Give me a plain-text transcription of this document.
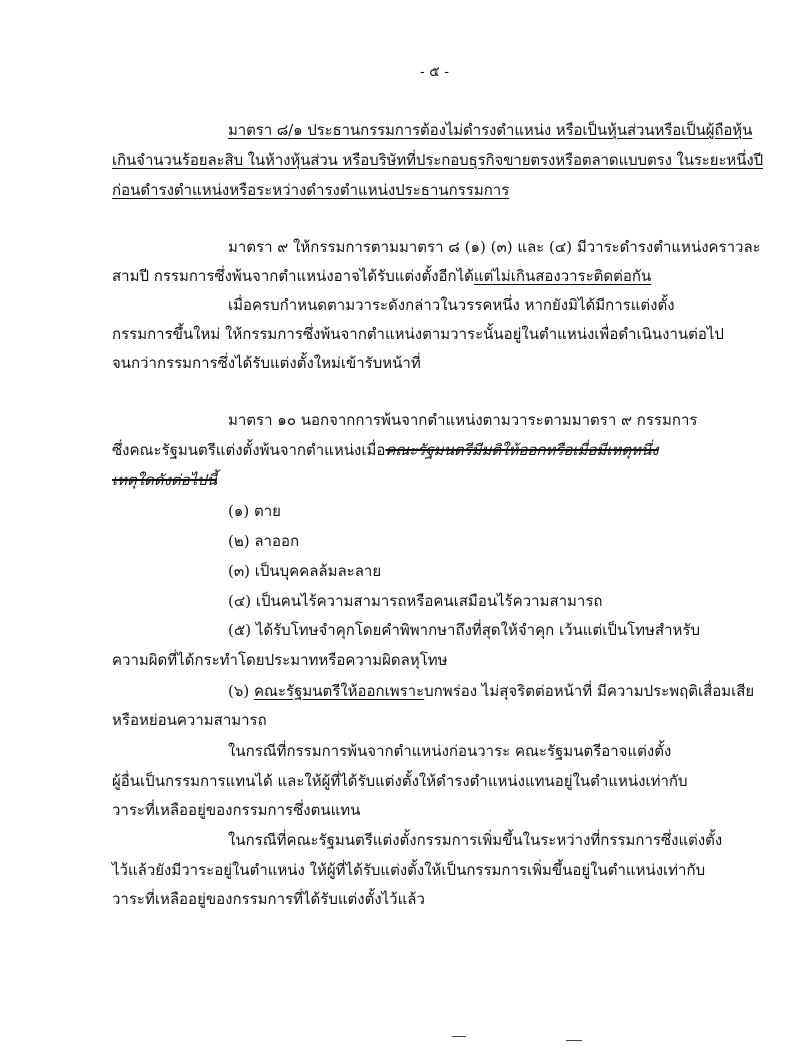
- ๕ -
มาตรา ๘/๑ ประธานกรรมการต้องไม่ดำรงตำแหน่ง หรือเป็นหุ้นส่วนหรือเป็นผู้ถือหุ้น
เกินจำนวนร้อยละสิบ ในห้างหุ้นส่วน หรือบริษัทที่ประกอบธุรกิจขายตรงหรือตลาดแบบตรง ในระยะหนึ่งปี
ก่อนดำรงตำแหน่งหรือระหว่างดำรงตำแหน่งประธานกรรมการ
มาตรา ๙ ให้กรรมการตามมาตรา ๘ (๑) (๓) และ (๔) มีวาระดำรงตำแหน่งคราวละ
สามปี กรรมการซึ่งพ้นจากตำแหน่งอาจได้รับแต่งตั้งอีกได้แต่ไม่เกินสองวาระติดต่อกัน
เมื่อครบกำหนดตามวาระดังกล่าวในวรรคหนึ่ง หากยังมิได้มีการแต่งตั้ง
กรรมการขึ้นใหม่ ให้กรรมการซึ่งพ้นจากตำแหน่งตามวาระนั้นอยู่ในตำแหน่งเพื่อดำเนินงานต่อไป
จนกว่ากรรมการซึ่งได้รับแต่งตั้งใหม่เข้ารับหน้าที่
มาตรา ๑๐ นอกจากการพ้นจากตำแหน่งตามวาระตามมาตรา ๙ กรรมการ
ซึ่งคณะรัฐมนตรีแต่งตั้งพ้นจากตำแหน่งเมื่อคณะรัฐมนตรีมีมติให้ออกหรือเมื่อมีเหตุหนึ่ง
เหตุใดดังต่อไปนี้
(๑) ตาย
(๒) ลาออก
(๓) เป็นบุคคลล้มละลาย
(๔) เป็นคนไร้ความสามารถหรือคนเสมือนไร้ความสามารถ
(๕) ได้รับโทษจำคุกโดยคำพิพากษาถึงที่สุดให้จำคุก เว้นแต่เป็นโทษสำหรับ
ความผิดที่ได้กระทำโดยประมาทหรือความผิดลหุโทษ
(๖) คณะรัฐมนตรีให้ออกเพราะบกพร่อง ไม่สุจริตต่อหน้าที่ มีความประพฤติเสื่อมเสีย
หรือหย่อนความสามารถ
ในกรณีที่กรรมการพ้นจากตำแหน่งก่อนวาระ คณะรัฐมนตรีอาจแต่งตั้ง
ผู้อื่นเป็นกรรมการแทนได้ และให้ผู้ที่ได้รับแต่งตั้งให้ดำรงตำแหน่งแทนอยู่ในตำแหน่งเท่ากับ
วาระที่เหลืออยู่ของกรรมการซึ่งตนแทน
ในกรณีที่คณะรัฐมนตรีแต่งตั้งกรรมการเพิ่มขึ้นในระหว่างที่กรรมการซึ่งแต่งตั้ง
ไว้แล้วยังมีวาระอยู่ในตำแหน่ง ให้ผู้ที่ได้รับแต่งตั้งให้เป็นกรรมการเพิ่มขึ้นอยู่ในตำแหน่งเท่ากับ
วาระที่เหลืออยู่ของกรรมการที่ได้รับแต่งตั้งไว้แล้ว
